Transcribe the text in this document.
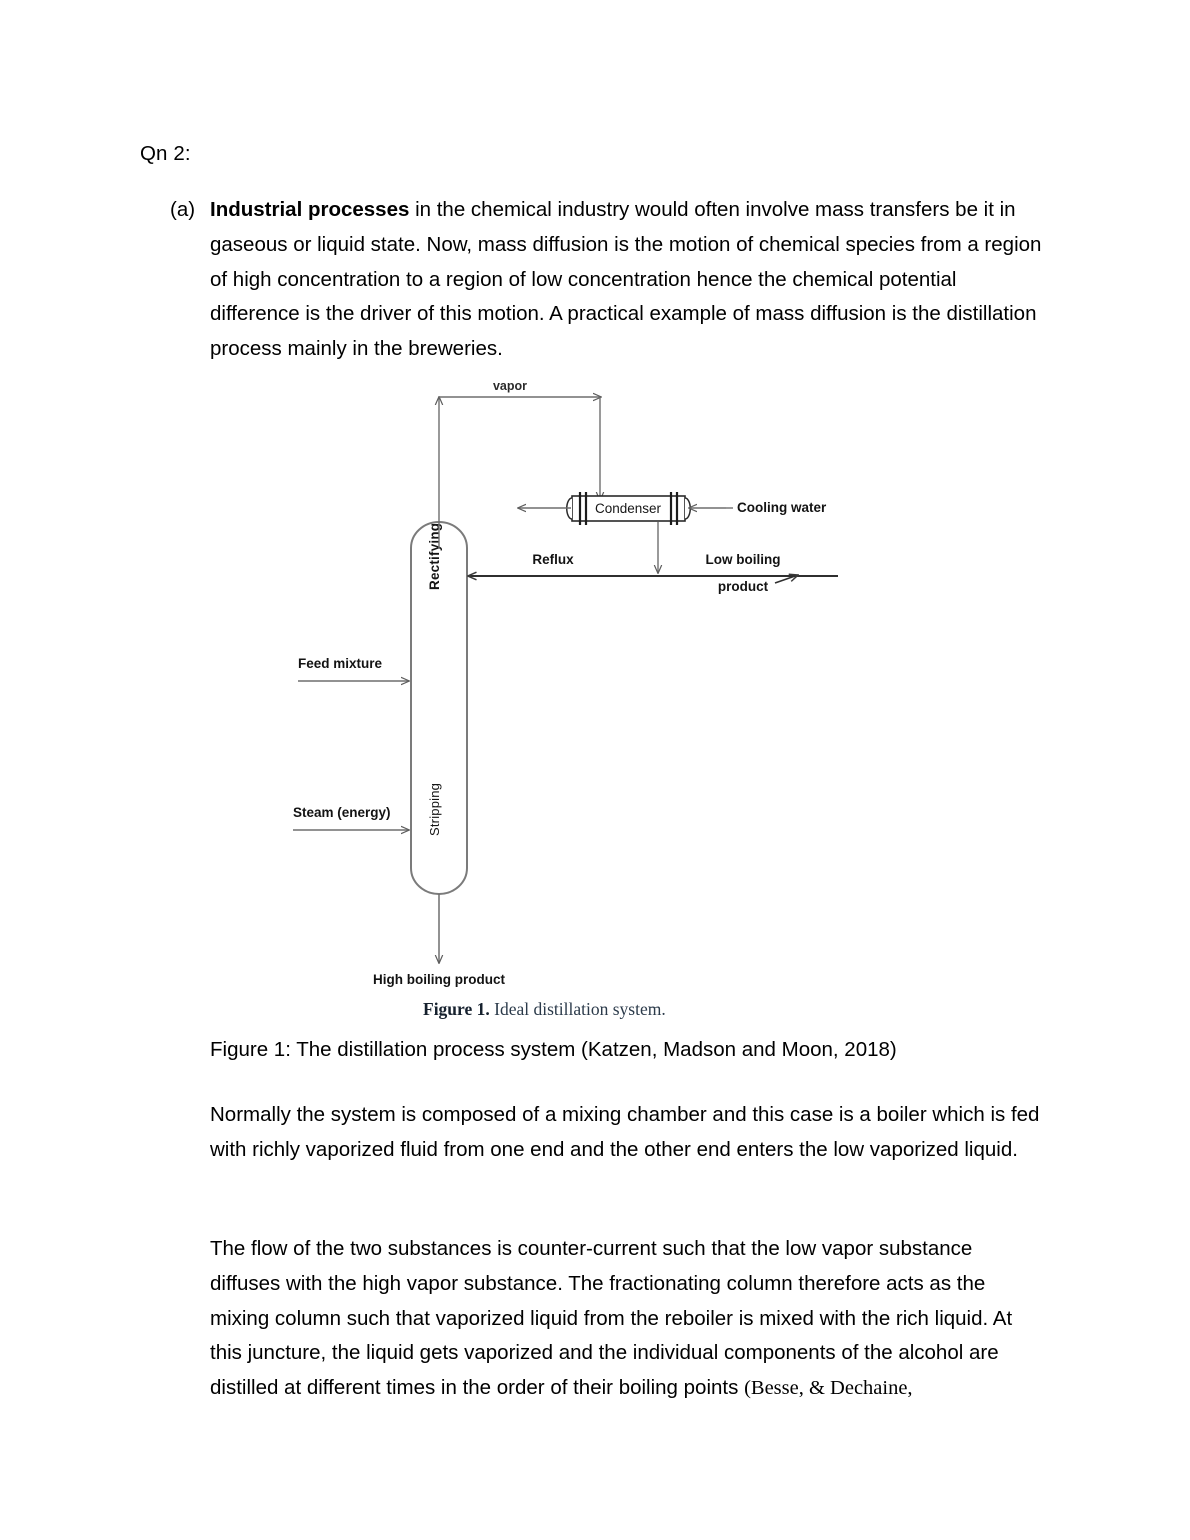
Qn 2:
(a) Industrial processes in the chemical industry would often involve mass transfers be it in gaseous or liquid state. Now, mass diffusion is the motion of chemical species from a region of high concentration to a region of low concentration hence the chemical potential difference is the driver of this motion. A practical example of mass diffusion is the distillation process mainly in the breweries.
Rectifying
Stripping
vapor
Condenser	Cooling water
Reflux	Low boiling
product
Feed mixture
Steam (energy)
High boiling product
Figure 1. Ideal distillation system.
Figure 1: The distillation process system (Katzen, Madson and Moon, 2018)
Normally the system is composed of a mixing chamber and this case is a boiler which is fed with richly vaporized fluid from one end and the other end enters the low vaporized liquid.
The flow of the two substances is counter-current such that the low vapor substance diffuses with the high vapor substance. The fractionating column therefore acts as the mixing column such that vaporized liquid from the reboiler is mixed with the rich liquid. At this juncture, the liquid gets vaporized and the individual components of the alcohol are distilled at different times in the order of their boiling points (Besse, & Dechaine,
